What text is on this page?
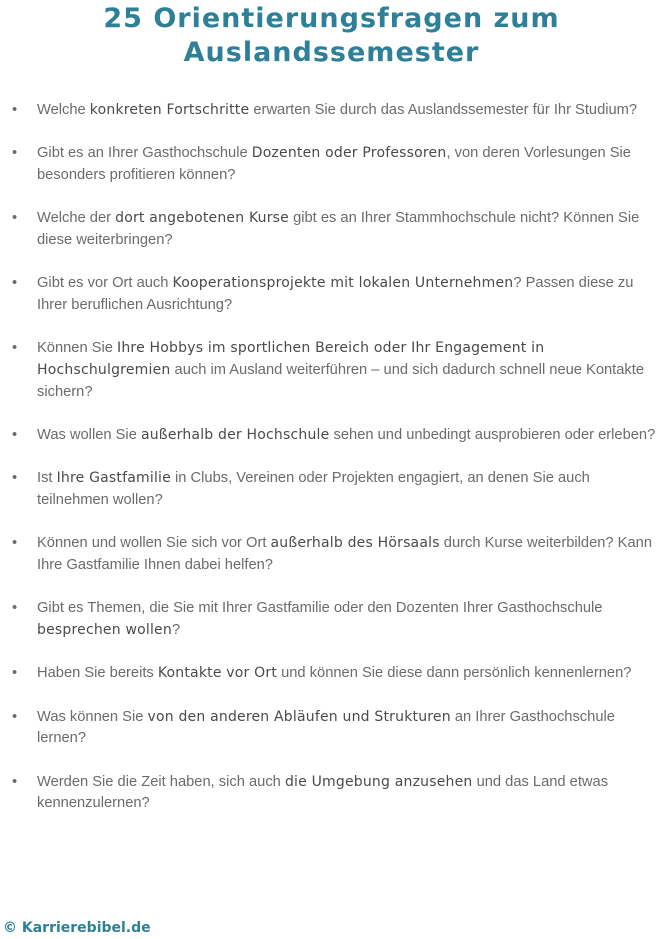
25 Orientierungsfragen zum
Auslandssemester
• Welche konkreten Fortschritte erwarten Sie durch das Auslandssemester für Ihr Studium?
• Gibt es an Ihrer Gasthochschule Dozenten oder Professoren, von deren Vorlesungen Sie besonders profitieren können?
• Welche der dort angebotenen Kurse gibt es an Ihrer Stammhochschule nicht? Können Sie diese weiterbringen?
• Gibt es vor Ort auch Kooperationsprojekte mit lokalen Unternehmen? Passen diese zu Ihrer beruflichen Ausrichtung?
• Können Sie Ihre Hobbys im sportlichen Bereich oder Ihr Engagement in Hochschulgremien auch im Ausland weiterführen – und sich dadurch schnell neue Kontakte sichern?
• Was wollen Sie außerhalb der Hochschule sehen und unbedingt ausprobieren oder erleben?
• Ist Ihre Gastfamilie in Clubs, Vereinen oder Projekten engagiert, an denen Sie auch teilnehmen wollen?
• Können und wollen Sie sich vor Ort außerhalb des Hörsaals durch Kurse weiterbilden? Kann Ihre Gastfamilie Ihnen dabei helfen?
• Gibt es Themen, die Sie mit Ihrer Gastfamilie oder den Dozenten Ihrer Gasthochschule besprechen wollen?
• Haben Sie bereits Kontakte vor Ort und können Sie diese dann persönlich kennenlernen?
• Was können Sie von den anderen Abläufen und Strukturen an Ihrer Gasthochschule lernen?
• Werden Sie die Zeit haben, sich auch die Umgebung anzusehen und das Land etwas kennenzulernen?
© Karrierebibel.de
